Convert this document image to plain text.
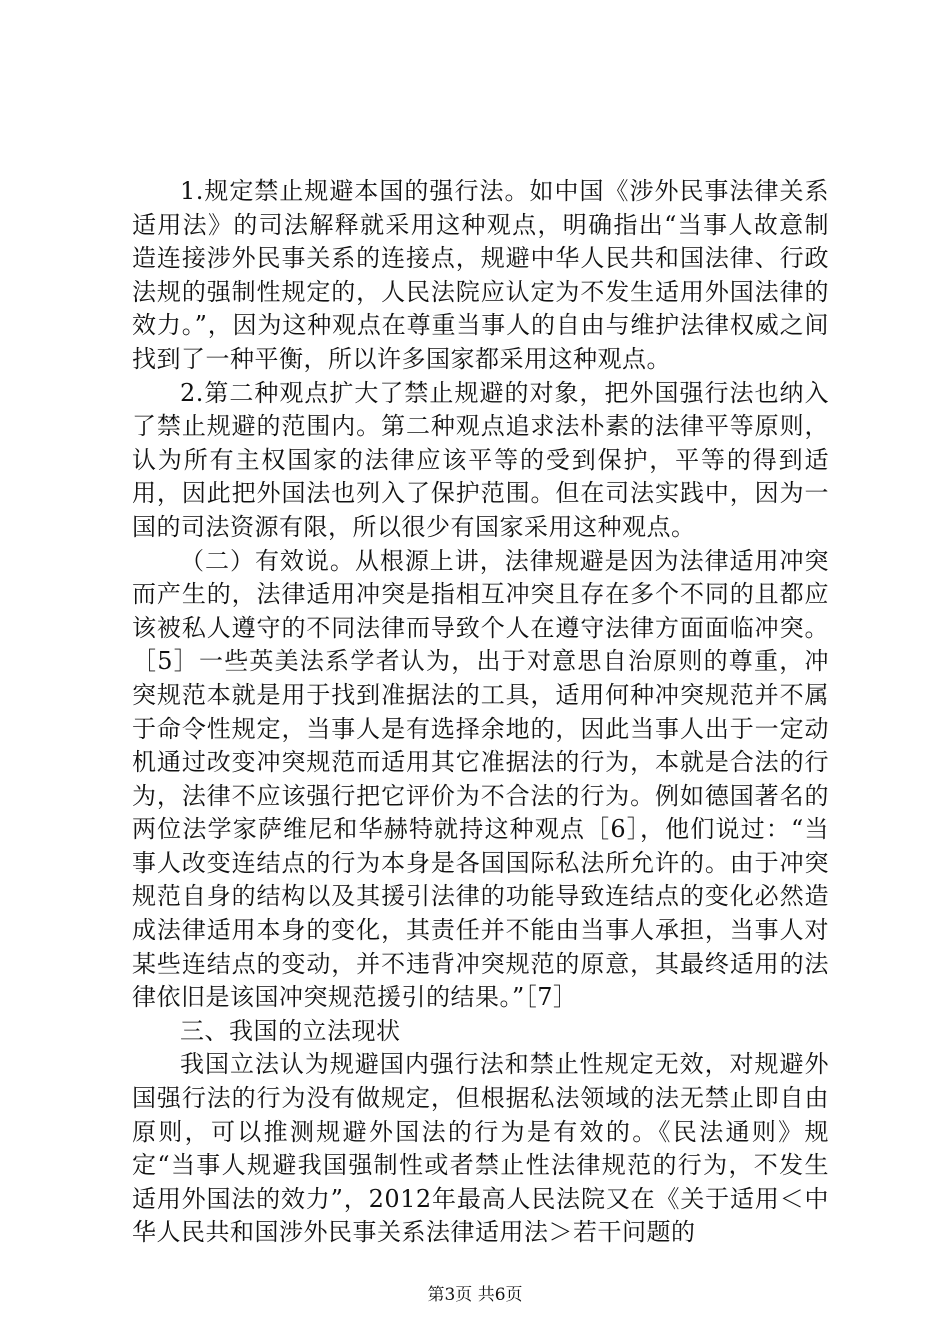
1.规定禁止规避本国的强行法。如中国《涉外民事法律关系适用法》的司法解释就采用这种观点，明确指出“当事人故意制造连接涉外民事关系的连接点，规避中华人民共和国法律、行政法规的强制性规定的，人民法院应认定为不发生适用外国法律的效力。”，因为这种观点在尊重当事人的自由与维护法律权威之间找到了一种平衡，所以许多国家都采用这种观点。

2.第二种观点扩大了禁止规避的对象，把外国强行法也纳入了禁止规避的范围内。第二种观点追求法朴素的法律平等原则，认为所有主权国家的法律应该平等的受到保护，平等的得到适用，因此把外国法也列入了保护范围。但在司法实践中，因为一国的司法资源有限，所以很少有国家采用这种观点。

（二）有效说。从根源上讲，法律规避是因为法律适用冲突而产生的，法律适用冲突是指相互冲突且存在多个不同的且都应该被私人遵守的不同法律而导致个人在遵守法律方面面临冲突。［5］一些英美法系学者认为，出于对意思自治原则的尊重，冲突规范本就是用于找到准据法的工具，适用何种冲突规范并不属于命令性规定，当事人是有选择余地的，因此当事人出于一定动机通过改变冲突规范而适用其它准据法的行为，本就是合法的行为，法律不应该强行把它评价为不合法的行为。例如德国著名的两位法学家萨维尼和华赫特就持这种观点［6］，他们说过：“当事人改变连结点的行为本身是各国国际私法所允许的。由于冲突规范自身的结构以及其援引法律的功能导致连结点的变化必然造成法律适用本身的变化，其责任并不能由当事人承担，当事人对某些连结点的变动，并不违背冲突规范的原意，其最终适用的法律依旧是该国冲突规范援引的结果。”［7］

三、我国的立法现状

我国立法认为规避国内强行法和禁止性规定无效，对规避外国强行法的行为没有做规定，但根据私法领域的法无禁止即自由原则，可以推测规避外国法的行为是有效的。《民法通则》规定“当事人规避我国强制性或者禁止性法律规范的行为，不发生适用外国法的效力”，2012年最高人民法院又在《关于适用＜中华人民共和国涉外民事关系法律适用法＞若干问题的

第3页 共6页
